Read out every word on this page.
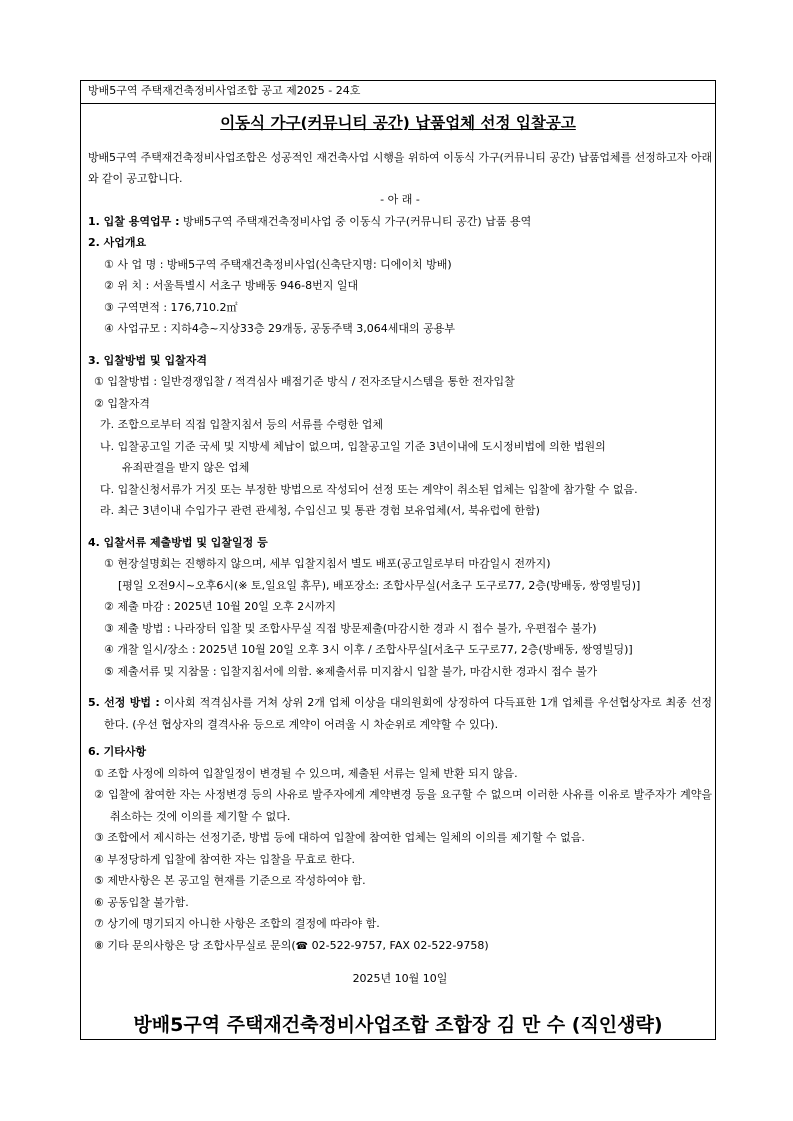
방배5구역 주택재건축정비사업조합 공고 제2025 - 24호
이동식 가구(커뮤니티 공간) 납품업체 선정 입찰공고
방배5구역 주택재건축정비사업조합은 성공적인 재건축사업 시행을 위하여 이동식 가구(커뮤니티 공간) 납품업체를 선정하고자 아래와 같이 공고합니다.
- 아 래 -
1. 입찰 용역업무 : 방배5구역 주택재건축정비사업 중 이동식 가구(커뮤니티 공간) 납품 용역
2. 사업개요
① 사 업 명 : 방배5구역 주택재건축정비사업(신축단지명: 디에이치 방배)
② 위 치 : 서울특별시 서초구 방배동 946-8번지 일대
③ 구역면적 : 176,710.2㎡
④ 사업규모 : 지하4층~지상33층 29개동, 공동주택 3,064세대의 공용부
3. 입찰방법 및 입찰자격
① 입찰방법 : 일반경쟁입찰 / 적격심사 배점기준 방식 / 전자조달시스템을 통한 전자입찰
② 입찰자격
가. 조합으로부터 직접 입찰지침서 등의 서류를 수령한 업체
나. 입찰공고일 기준 국세 및 지방세 체납이 없으며, 입찰공고일 기준 3년이내에 도시정비법에 의한 법원의
유죄판결을 받지 않은 업체
다. 입찰신청서류가 거짓 또는 부정한 방법으로 작성되어 선정 또는 계약이 취소된 업체는 입찰에 참가할 수 없음.
라. 최근 3년이내 수입가구 관련 관세청, 수입신고 및 통관 경험 보유업체(서, 북유럽에 한함)
4. 입찰서류 제출방법 및 입찰일정 등
① 현장설명회는 진행하지 않으며, 세부 입찰지침서 별도 배포(공고일로부터 마감일시 전까지)
[평일 오전9시~오후6시(※ 토,일요일 휴무), 배포장소: 조합사무실(서초구 도구로77, 2층(방배동, 쌍영빌딩)]
② 제출 마감 : 2025년 10월 20일 오후 2시까지
③ 제출 방법 : 나라장터 입찰 및 조합사무실 직접 방문제출(마감시한 경과 시 접수 불가, 우편접수 불가)
④ 개찰 일시/장소 : 2025년 10월 20일 오후 3시 이후 / 조합사무실[서초구 도구로77, 2층(방배동, 쌍영빌딩)]
⑤ 제출서류 및 지참물 : 입찰지침서에 의함. ※제출서류 미지참시 입찰 불가, 마감시한 경과시 접수 불가
5. 선정 방법 : 이사회 적격심사를 거쳐 상위 2개 업체 이상을 대의원회에 상정하여 다득표한 1개 업체를 우선협상자로 최종 선정한다. (우선 협상자의 결격사유 등으로 계약이 어려울 시 차순위로 계약할 수 있다).
6. 기타사항
① 조합 사정에 의하여 입찰일정이 변경될 수 있으며, 제출된 서류는 일체 반환 되지 않음.
② 입찰에 참여한 자는 사정변경 등의 사유로 발주자에게 계약변경 등을 요구할 수 없으며 이러한 사유를 이유로 발주자가 계약을 취소하는 것에 이의를 제기할 수 없다.
③ 조합에서 제시하는 선정기준, 방법 등에 대하여 입찰에 참여한 업체는 일체의 이의를 제기할 수 없음.
④ 부정당하게 입찰에 참여한 자는 입찰을 무효로 한다.
⑤ 제반사항은 본 공고일 현재를 기준으로 작성하여야 함.
⑥ 공동입찰 불가함.
⑦ 상기에 명기되지 아니한 사항은 조합의 결정에 따라야 함.
⑧ 기타 문의사항은 당 조합사무실로 문의(☎ 02-522-9757, FAX 02-522-9758)
2025년 10월 10일
방배5구역 주택재건축정비사업조합 조합장 김 만 수 (직인생략)
